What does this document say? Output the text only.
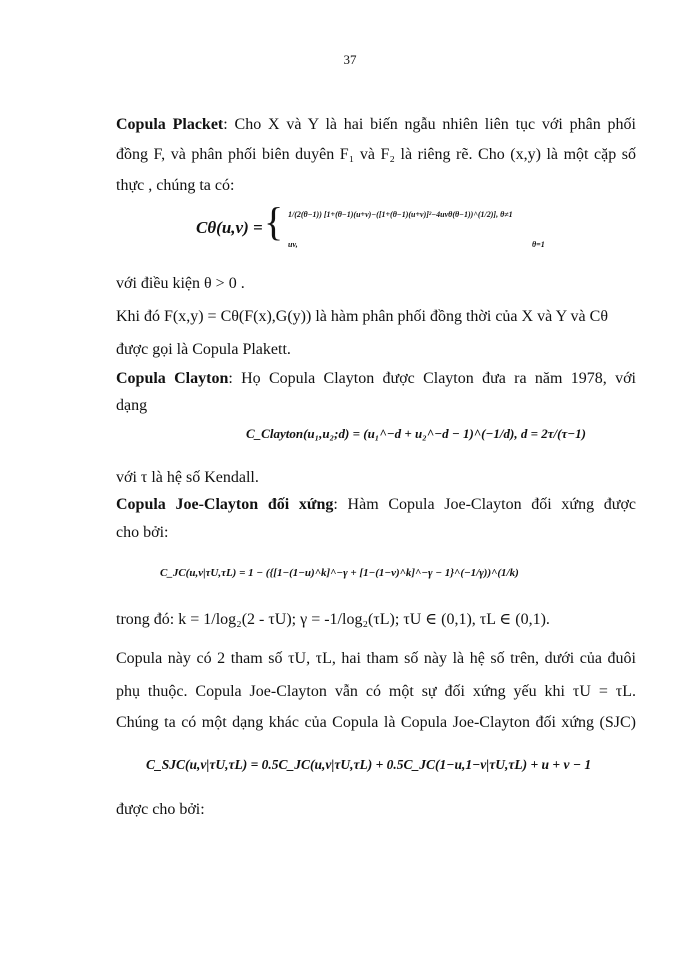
37
Copula Placket: Cho X và Y là hai biến ngẫu nhiên liên tục với phân phối
đồng F, và phân phối biên duyên F₁ và F₂ là riêng rẽ. Cho (x,y) là một cặp số
thực , chúng ta có:
Cθ(u,v) = { 1/(2(θ−1)) [1+(θ−1)(u+v)−([1+(θ−1)(u+v)]²−4uvθ(θ−1))^(1/2)], θ≠1
uv,	θ=1
với điều kiện θ > 0 .
Khi đó F(x,y) = Cθ(F(x),G(y)) là hàm phân phối đồng thời của X và Y và Cθ
được gọi là Copula Plakett.
Copula Clayton: Họ Copula Clayton được Clayton đưa ra năm 1978, với
dạng
C_Clayton(u₁,u₂;d) = (u₁^−d + u₂^−d − 1)^(−1/d), d = 2τ/(τ−1)
với τ là hệ số Kendall.
Copula Joe-Clayton đối xứng: Hàm Copula Joe-Clayton đối xứng được
cho bởi:
C_JC(u,v|τU,τL) = 1 − ({[1−(1−u)^k]^−γ + [1−(1−v)^k]^−γ − 1}^(−1/γ))^(1/k)
trong đó: k = 1/log₂(2 - τU); γ = -1/log₂(τL); τU ∈ (0,1), τL ∈ (0,1).
Copula này có 2 tham số τU, τL, hai tham số này là hệ số trên, dưới của đuôi
phụ thuộc. Copula Joe-Clayton vẫn có một sự đối xứng yếu khi τU = τL.
Chúng ta có một dạng khác của Copula là Copula Joe-Clayton đối xứng (SJC)
C_SJC(u,v|τU,τL) = 0.5C_JC(u,v|τU,τL) + 0.5C_JC(1−u,1−v|τU,τL) + u + v − 1
được cho bởi:
